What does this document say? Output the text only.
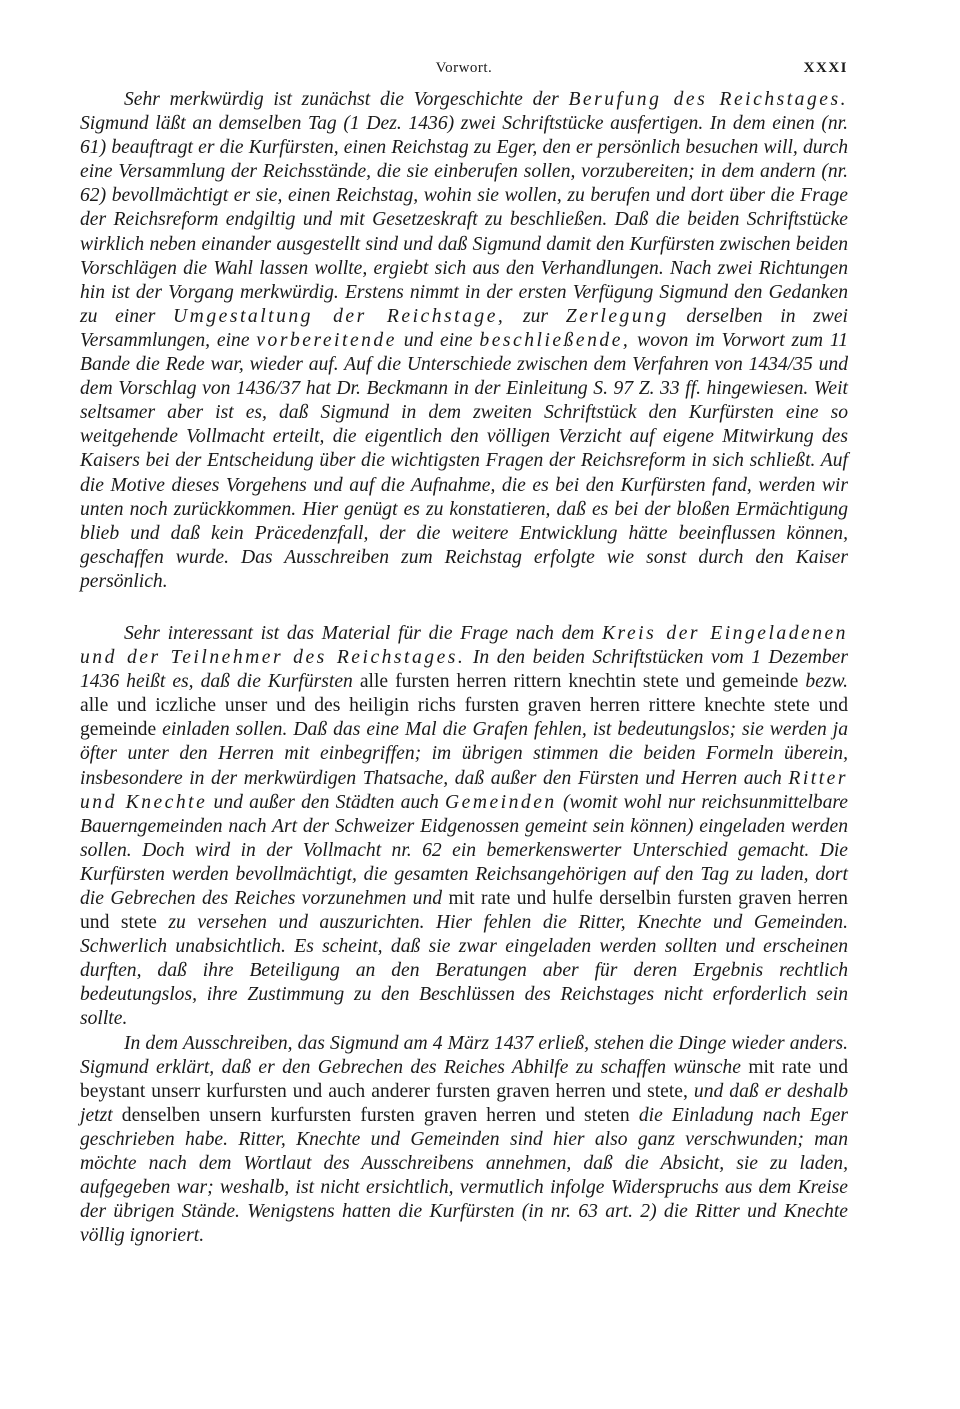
Vorwort.	XXXI

Sehr merkwürdig ist zunächst die Vorgeschichte der Berufung des Reichstages. Sigmund läßt an demselben Tag (1 Dez. 1436) zwei Schriftstücke ausfertigen. In dem einen (nr. 61) beauftragt er die Kurfürsten, einen Reichstag zu Eger, den er persönlich besuchen will, durch eine Versammlung der Reichsstände, die sie einberufen sollen, vorzubereiten; in dem andern (nr. 62) bevollmächtigt er sie, einen Reichstag, wohin sie wollen, zu berufen und dort über die Frage der Reichsreform endgiltig und mit Gesetzeskraft zu beschließen. Daß die beiden Schriftstücke wirklich neben einander ausgestellt sind und daß Sigmund damit den Kurfürsten zwischen beiden Vorschlägen die Wahl lassen wollte, ergiebt sich aus den Verhandlungen. Nach zwei Richtungen hin ist der Vorgang merkwürdig. Erstens nimmt in der ersten Verfügung Sigmund den Gedanken zu einer Umgestaltung der Reichstage, zur Zerlegung derselben in zwei Versammlungen, eine vorbereitende und eine beschließende, wovon im Vorwort zum 11 Bande die Rede war, wieder auf. Auf die Unterschiede zwischen dem Verfahren von 1434/35 und dem Vorschlag von 1436/37 hat Dr. Beckmann in der Einleitung S. 97 Z. 33 ff. hingewiesen. Weit seltsamer aber ist es, daß Sigmund in dem zweiten Schriftstück den Kurfürsten eine so weitgehende Vollmacht erteilt, die eigentlich den völligen Verzicht auf eigene Mitwirkung des Kaisers bei der Entscheidung über die wichtigsten Fragen der Reichsreform in sich schließt. Auf die Motive dieses Vorgehens und auf die Aufnahme, die es bei den Kurfürsten fand, werden wir unten noch zurückkommen. Hier genügt es zu konstatieren, daß es bei der bloßen Ermächtigung blieb und daß kein Präcedenzfall, der die weitere Entwicklung hätte beeinflussen können, geschaffen wurde. Das Ausschreiben zum Reichstag erfolgte wie sonst durch den Kaiser persönlich.

Sehr interessant ist das Material für die Frage nach dem Kreis der Eingeladenen und der Teilnehmer des Reichstages. In den beiden Schriftstücken vom 1 Dezember 1436 heißt es, daß die Kurfürsten alle fursten herren rittern knechtin stete und gemeinde bezw. alle und iczliche unser und des heiligin richs fursten graven herren rittere knechte stete und gemeinde einladen sollen. Daß das eine Mal die Grafen fehlen, ist bedeutungslos; sie werden ja öfter unter den Herren mit einbegriffen; im übrigen stimmen die beiden Formeln überein, insbesondere in der merkwürdigen Thatsache, daß außer den Fürsten und Herren auch Ritter und Knechte und außer den Städten auch Gemeinden (womit wohl nur reichsunmittelbare Bauerngemeinden nach Art der Schweizer Eidgenossen gemeint sein können) eingeladen werden sollen. Doch wird in der Vollmacht nr. 62 ein bemerkenswerter Unterschied gemacht. Die Kurfürsten werden bevollmächtigt, die gesamten Reichsangehörigen auf den Tag zu laden, dort die Gebrechen des Reiches vorzunehmen und mit rate und hulfe derselbin fursten graven herren und stete zu versehen und auszurichten. Hier fehlen die Ritter, Knechte und Gemeinden. Schwerlich unabsichtlich. Es scheint, daß sie zwar eingeladen werden sollten und erscheinen durften, daß ihre Beteiligung an den Beratungen aber für deren Ergebnis rechtlich bedeutungslos, ihre Zustimmung zu den Beschlüssen des Reichstages nicht erforderlich sein sollte.

In dem Ausschreiben, das Sigmund am 4 März 1437 erließ, stehen die Dinge wieder anders. Sigmund erklärt, daß er den Gebrechen des Reiches Abhilfe zu schaffen wünsche mit rate und beystant unserr kurfursten und auch anderer fursten graven herren und stete, und daß er deshalb jetzt denselben unsern kurfursten fursten graven herren und steten die Einladung nach Eger geschrieben habe. Ritter, Knechte und Gemeinden sind hier also ganz verschwunden; man möchte nach dem Wortlaut des Ausschreibens annehmen, daß die Absicht, sie zu laden, aufgegeben war; weshalb, ist nicht ersichtlich, vermutlich infolge Widerspruchs aus dem Kreise der übrigen Stände. Wenigstens hatten die Kurfürsten (in nr. 63 art. 2) die Ritter und Knechte völlig ignoriert.
